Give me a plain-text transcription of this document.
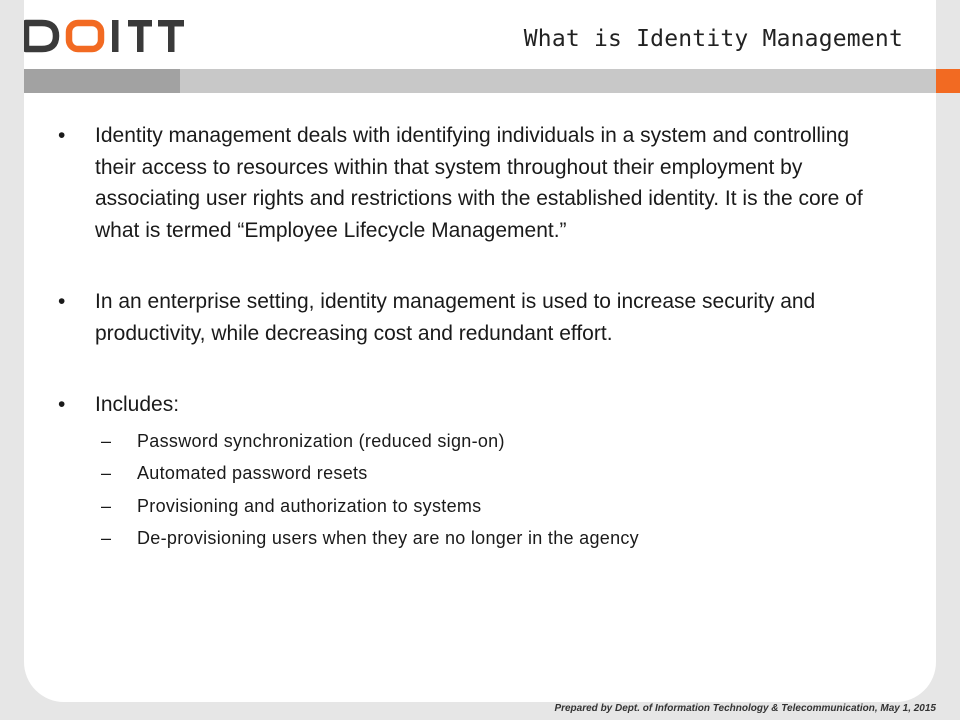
What is Identity Management
• Identity management deals with identifying individuals in a system and controlling their access to resources within that system throughout their employment by associating user rights and restrictions with the established identity. It is the core of what is termed “Employee Lifecycle Management.”
• In an enterprise setting, identity management is used to increase security and productivity, while decreasing cost and redundant effort.
• Includes:
– Password synchronization (reduced sign-on)
– Automated password resets
– Provisioning and authorization to systems
– De-provisioning users when they are no longer in the agency
Prepared by Dept. of Information Technology & Telecommunication, May 1, 2015
